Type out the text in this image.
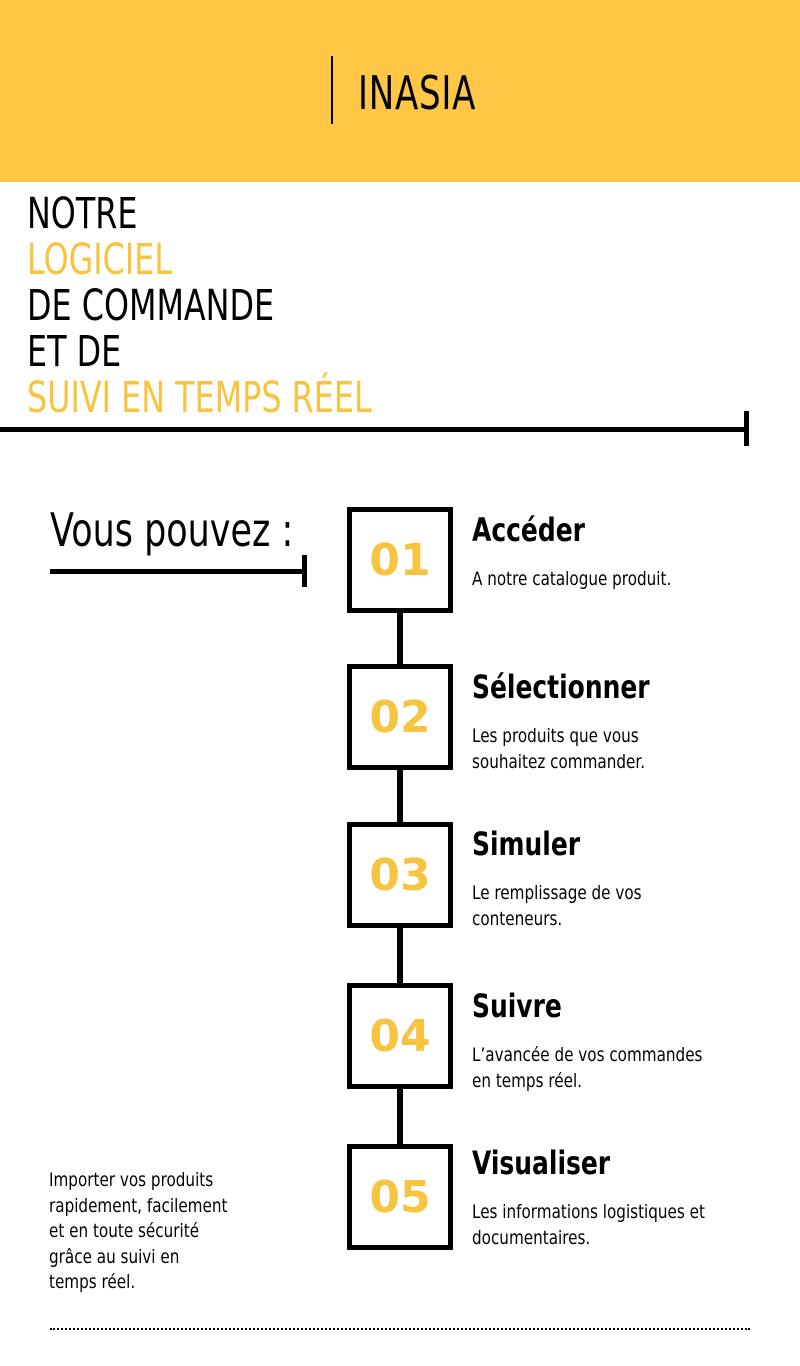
INASIA
NOTRE
LOGICIEL
DE COMMANDE
ET DE
SUIVI EN TEMPS RÉEL
Vous pouvez :
01
Accéder
A notre catalogue produit.
02
Sélectionner
Les produits que vous souhaitez commander.
03
Simuler
Le remplissage de vos conteneurs.
04
Suivre
L’avancée de vos commandes en temps réel.
05
Visualiser
Les informations logistiques et documentaires.
Importer vos produits rapidement, facilement et en toute sécurité grâce au suivi en temps réel.
